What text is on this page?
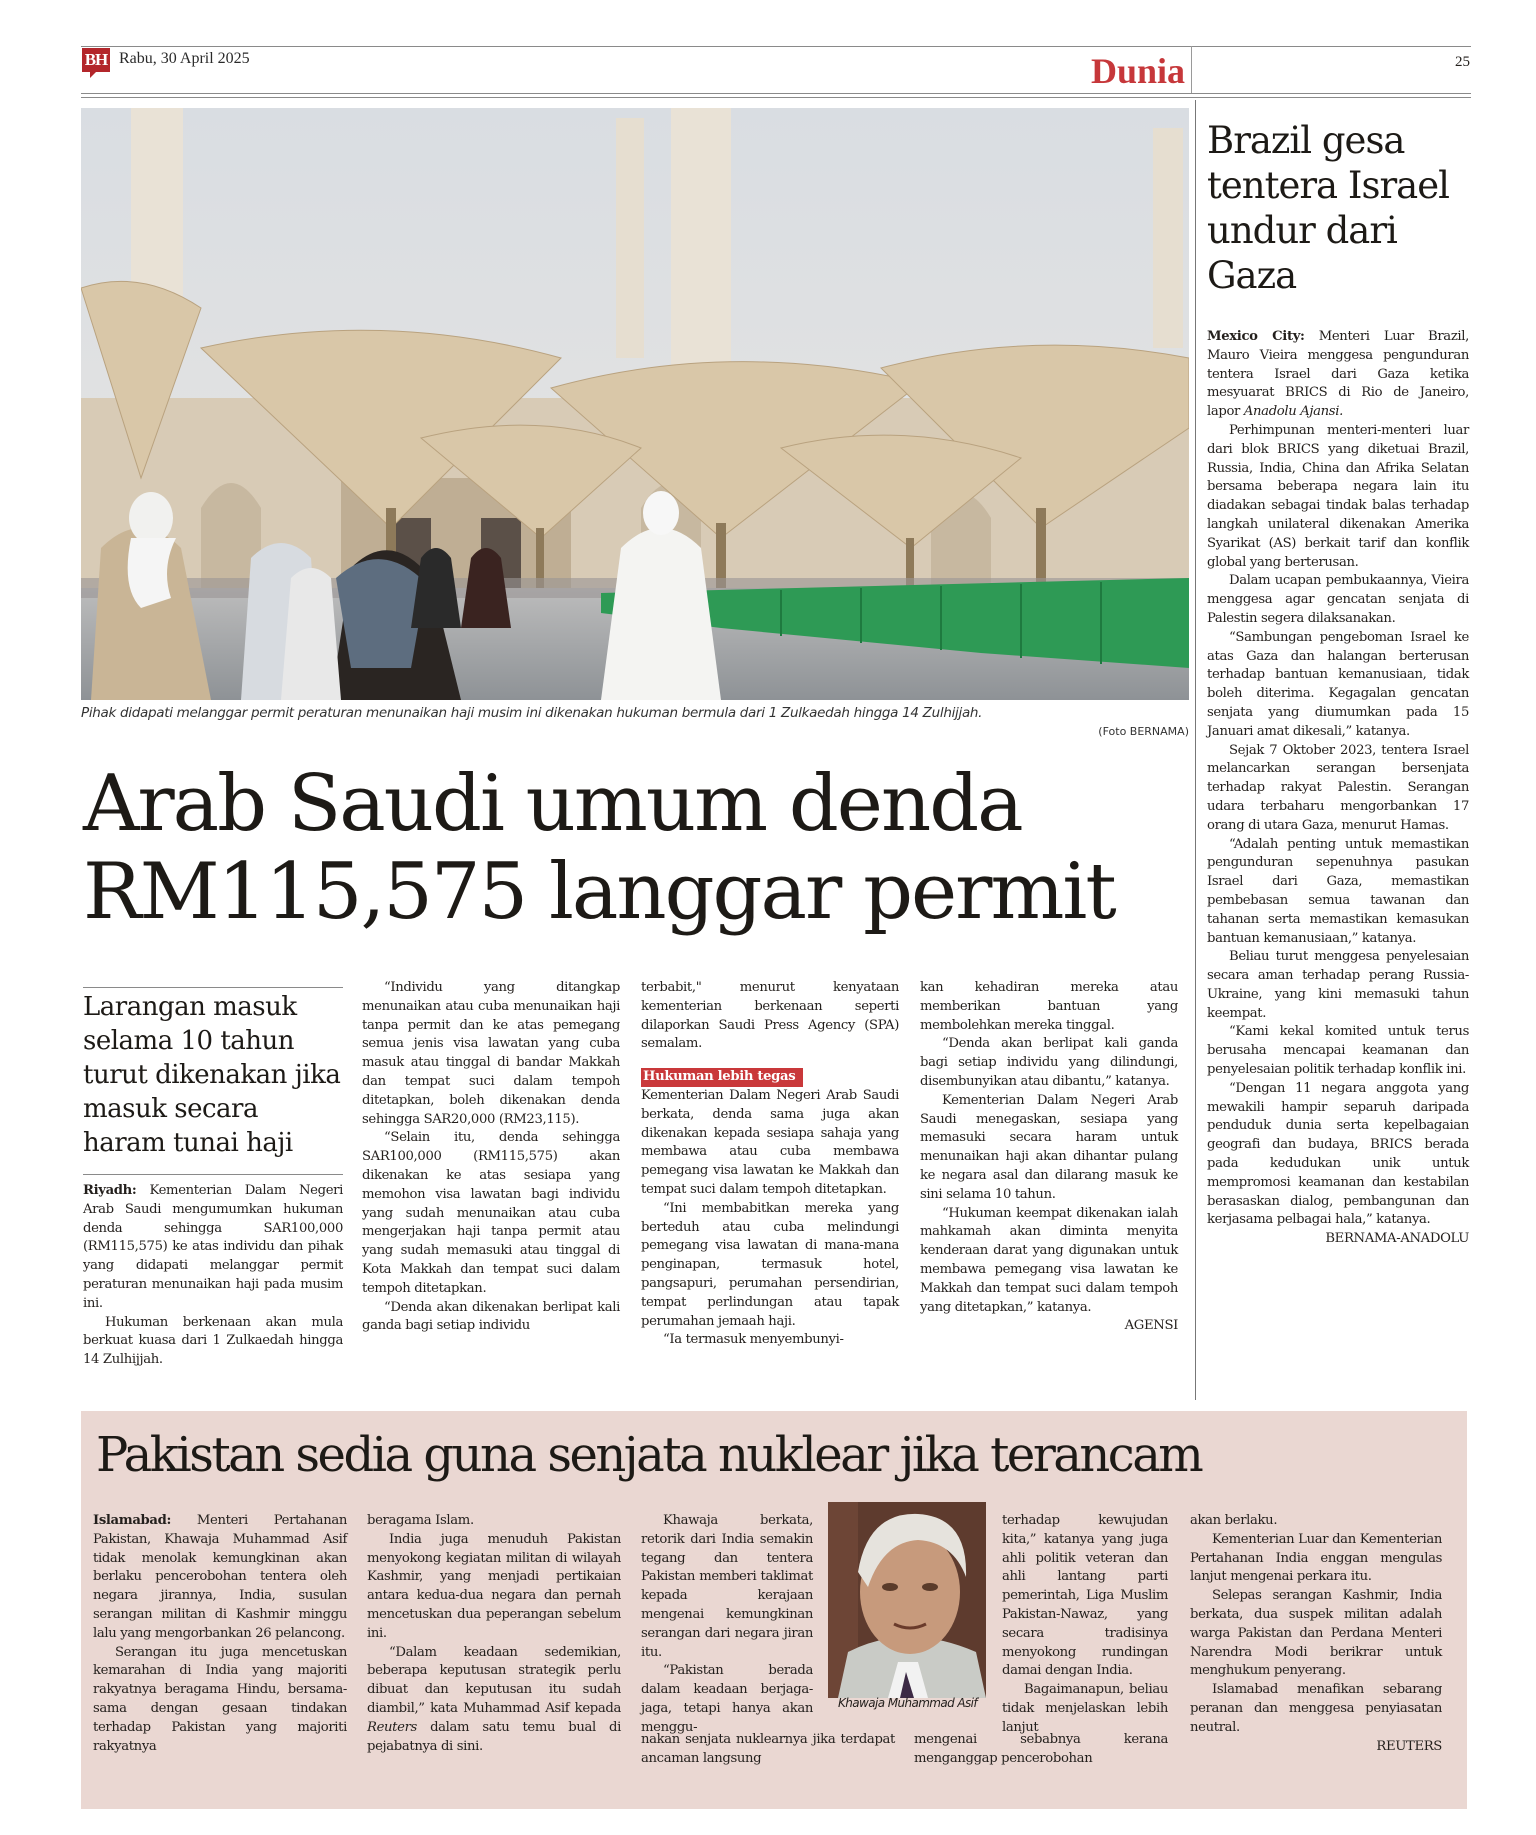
BH Rabu, 30 April 2025	Dunia	25
Pihak didapati melanggar permit peraturan menunaikan haji musim ini dikenakan hukuman bermula dari 1 Zulkaedah hingga 14 Zulhijjah.
(Foto BERNAMA)
Arab Saudi umum denda
RM115,575 langgar permit
Larangan masuk selama 10 tahun turut dikenakan jika masuk secara haram tunai haji

Riyadh: Kementerian Dalam Negeri Arab Saudi mengumumkan hukuman denda sehingga SAR100,000 (RM115,575) ke atas individu dan pihak yang didapati melanggar permit peraturan menunaikan haji pada musim ini.

Hukuman berkenaan akan mula berkuat kuasa dari 1 Zulkaedah hingga 14 Zulhijjah.

“Individu yang ditangkap menunaikan atau cuba menunaikan haji tanpa permit dan ke atas pemegang semua jenis visa lawatan yang cuba masuk atau tinggal di bandar Makkah dan tempat suci dalam tempoh ditetapkan, boleh dikenakan denda sehingga SAR20,000 (RM23,115).

“Selain itu, denda sehingga SAR100,000 (RM115,575) akan dikenakan ke atas sesiapa yang memohon visa lawatan bagi individu yang sudah menunaikan atau cuba mengerjakan haji tanpa permit atau yang sudah memasuki atau tinggal di Kota Makkah dan tempat suci dalam tempoh ditetapkan.

“Denda akan dikenakan berlipat kali ganda bagi setiap individu

terbabit," menurut kenyataan kementerian berkenaan seperti dilaporkan Saudi Press Agency (SPA) semalam.

Hukuman lebih tegas

Kementerian Dalam Negeri Arab Saudi berkata, denda sama juga akan dikenakan kepada sesiapa sahaja yang membawa atau cuba membawa pemegang visa lawatan ke Makkah dan tempat suci dalam tempoh ditetapkan.

“Ini membabitkan mereka yang berteduh atau cuba melindungi pemegang visa lawatan di mana-mana penginapan, termasuk hotel, pangsapuri, perumahan persendirian, tempat perlindungan atau tapak perumahan jemaah haji.

“Ia termasuk menyembunyi-

kan kehadiran mereka atau memberikan bantuan yang membolehkan mereka tinggal.

“Denda akan berlipat kali ganda bagi setiap individu yang dilindungi, disembunyikan atau dibantu,” katanya.

Kementerian Dalam Negeri Arab Saudi menegaskan, sesiapa yang memasuki secara haram untuk menunaikan haji akan dihantar pulang ke negara asal dan dilarang masuk ke sini selama 10 tahun.

“Hukuman keempat dikenakan ialah mahkamah akan diminta menyita kenderaan darat yang digunakan untuk membawa pemegang visa lawatan ke Makkah dan tempat suci dalam tempoh yang ditetapkan,” katanya.

AGENSI

Brazil gesa tentera Israel undur dari Gaza

Mexico City: Menteri Luar Brazil, Mauro Vieira menggesa pengunduran tentera Israel dari Gaza ketika mesyuarat BRICS di Rio de Janeiro, lapor Anadolu Ajansi.

Perhimpunan menteri-menteri luar dari blok BRICS yang diketuai Brazil, Russia, India, China dan Afrika Selatan bersama beberapa negara lain itu diadakan sebagai tindak balas terhadap langkah unilateral dikenakan Amerika Syarikat (AS) berkait tarif dan konflik global yang berterusan.

Dalam ucapan pembukaannya, Vieira menggesa agar gencatan senjata di Palestin segera dilaksanakan.

“Sambungan pengeboman Israel ke atas Gaza dan halangan berterusan terhadap bantuan kemanusiaan, tidak boleh diterima. Kegagalan gencatan senjata yang diumumkan pada 15 Januari amat dikesali,” katanya.

Sejak 7 Oktober 2023, tentera Israel melancarkan serangan bersenjata terhadap rakyat Palestin. Serangan udara terbaharu mengorbankan 17 orang di utara Gaza, menurut Hamas.

“Adalah penting untuk memastikan pengunduran sepenuhnya pasukan Israel dari Gaza, memastikan pembebasan semua tawanan dan tahanan serta memastikan kemasukan bantuan kemanusiaan,” katanya.

Beliau turut menggesa penyelesaian secara aman terhadap perang Russia-Ukraine, yang kini memasuki tahun keempat.

“Kami kekal komited untuk terus berusaha mencapai keamanan dan penyelesaian politik terhadap konflik ini.

“Dengan 11 negara anggota yang mewakili hampir separuh daripada penduduk dunia serta kepelbagaian geografi dan budaya, BRICS berada pada kedudukan unik untuk mempromosi keamanan dan kestabilan berasaskan dialog, pembangunan dan kerjasama pelbagai hala,” katanya.

BERNAMA-ANADOLU

Pakistan sedia guna senjata nuklear jika terancam

Islamabad: Menteri Pertahanan Pakistan, Khawaja Muhammad Asif tidak menolak kemungkinan akan berlaku pencerobohan tentera oleh negara jirannya, India, susulan serangan militan di Kashmir minggu lalu yang mengorbankan 26 pelancong.

Serangan itu juga mencetuskan kemarahan di India yang majoriti rakyatnya beragama Hindu, bersama-sama dengan gesaan tindakan terhadap Pakistan yang majoriti rakyatnya

beragama Islam.

India juga menuduh Pakistan menyokong kegiatan militan di wilayah Kashmir, yang menjadi pertikaian antara kedua-dua negara dan pernah mencetuskan dua peperangan sebelum ini.

“Dalam keadaan sedemikian, beberapa keputusan strategik perlu dibuat dan keputusan itu sudah diambil,” kata Muhammad Asif kepada Reuters dalam satu temu bual di pejabatnya di sini.

Khawaja berkata, retorik dari India semakin tegang dan tentera Pakistan memberi taklimat kepada kerajaan mengenai kemungkinan serangan dari negara jiran itu.

“Pakistan berada dalam keadaan berjaga-jaga, tetapi hanya akan menggu-

nakan senjata nuklearnya jika terdapat ancaman langsung
Khawaja Muhammad Asif

terhadap kewujudan kita,” katanya yang juga ahli politik veteran dan ahli lantang parti pemerintah, Liga Muslim Pakistan-Nawaz, yang secara tradisinya menyokong rundingan damai dengan India.

Bagaimanapun, beliau tidak menjelaskan lebih lanjut

mengenai sebabnya kerana menganggap pencerobohan

akan berlaku.

Kementerian Luar dan Kementerian Pertahanan India enggan mengulas lanjut mengenai perkara itu.

Selepas serangan Kashmir, India berkata, dua suspek militan adalah warga Pakistan dan Perdana Menteri Narendra Modi berikrar untuk menghukum penyerang.

Islamabad menafikan sebarang peranan dan menggesa penyiasatan neutral.

REUTERS
